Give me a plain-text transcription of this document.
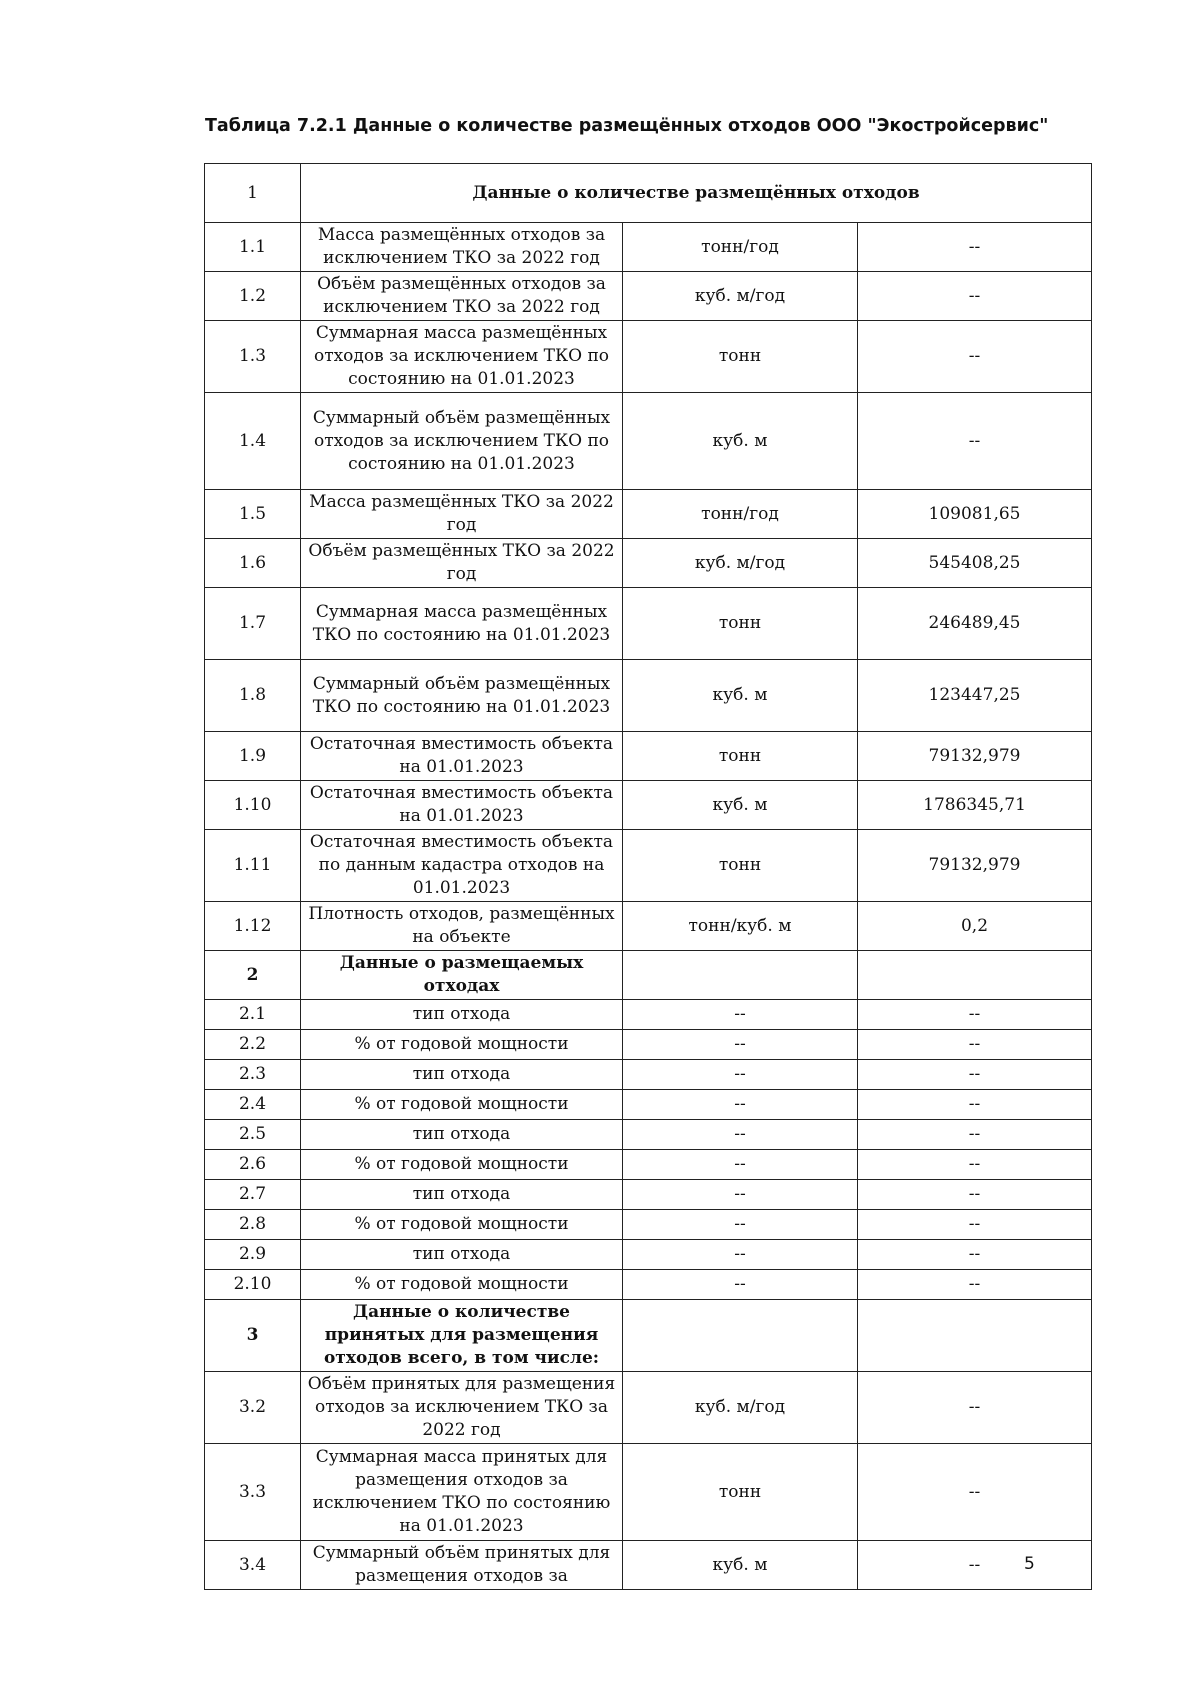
Таблица 7.2.1 Данные о количестве размещённых отходов ООО "Экостройсервис"
1	Данные о количестве размещённых отходов		
1.1	Масса размещённых отходов за исключением ТКО за 2022 год	тонн/год	--
1.2	Объём размещённых отходов за исключением ТКО за 2022 год	куб. м/год	--
1.3	Суммарная масса размещённых отходов за исключением ТКО по состоянию на 01.01.2023	тонн	--
1.4	Суммарный объём размещённых отходов за исключением ТКО по состоянию на 01.01.2023	куб. м	--
1.5	Масса размещённых ТКО за 2022 год	тонн/год	109081,65
1.6	Объём размещённых ТКО за 2022 год	куб. м/год	545408,25
1.7	Суммарная масса размещённых ТКО по состоянию на 01.01.2023	тонн	246489,45
1.8	Суммарный объём размещённых ТКО по состоянию на 01.01.2023	куб. м	123447,25
1.9	Остаточная вместимость объекта на 01.01.2023	тонн	79132,979
1.10	Остаточная вместимость объекта на 01.01.2023	куб. м	1786345,71
1.11	Остаточная вместимость объекта по данным кадастра отходов на 01.01.2023	тонн	79132,979
1.12	Плотность отходов, размещённых на объекте	тонн/куб. м	0,2
2	Данные о размещаемых отходах		
2.1	тип отхода	--	--
2.2	% от годовой мощности	--	--
2.3	тип отхода	--	--
2.4	% от годовой мощности	--	--
2.5	тип отхода	--	--
2.6	% от годовой мощности	--	--
2.7	тип отхода	--	--
2.8	% от годовой мощности	--	--
2.9	тип отхода	--	--
2.10	% от годовой мощности	--	--
3	Данные о количестве принятых для размещения отходов всего, в том числе:		
3.2	Объём принятых для размещения отходов за исключением ТКО за 2022 год	куб. м/год	--
3.3	Суммарная масса принятых для размещения отходов за исключением ТКО по состоянию на 01.01.2023	тонн	--
3.4	Суммарный объём принятых для размещения отходов за	куб. м	--	5
